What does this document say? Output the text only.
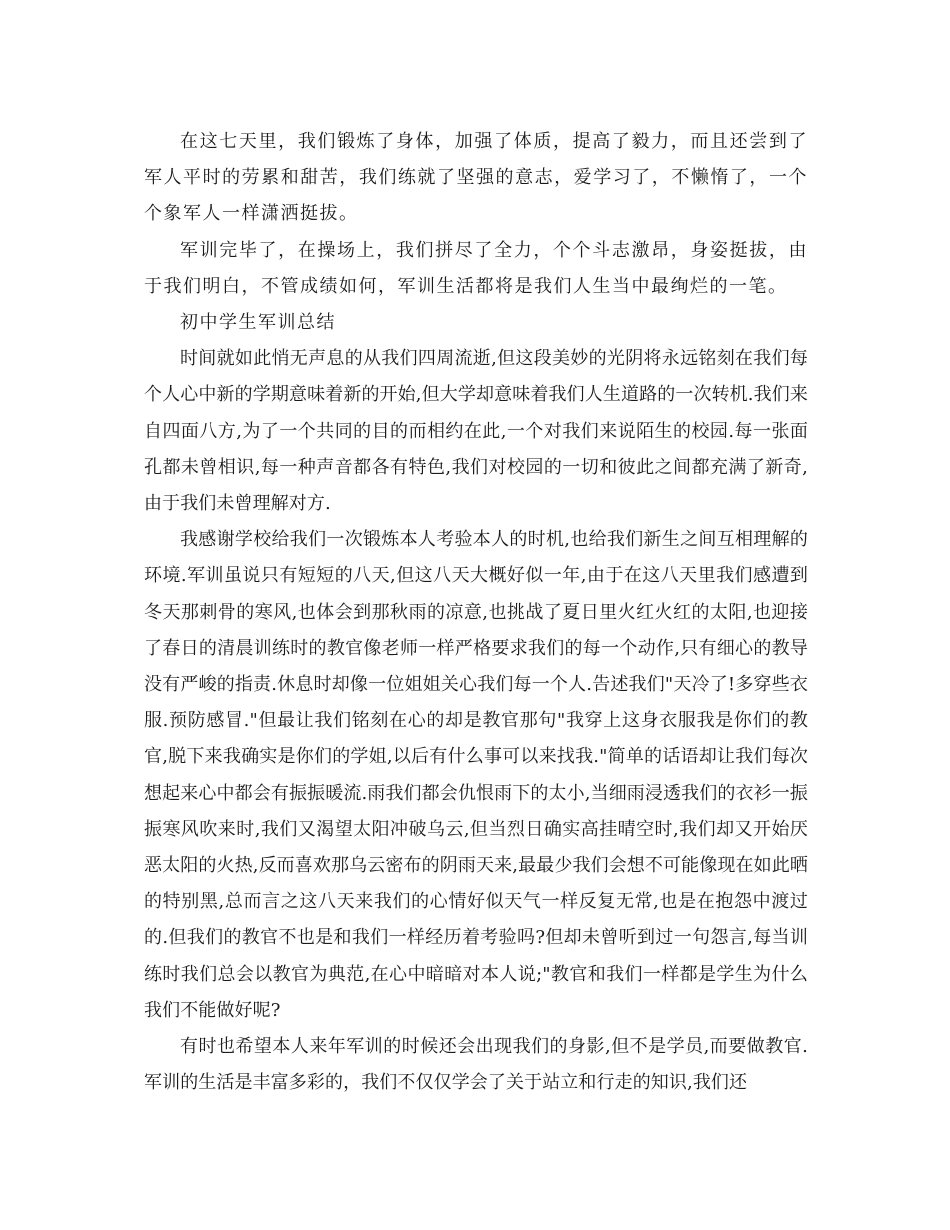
在这七天里，我们锻炼了身体，加强了体质，提高了毅力，而且还尝到了军人平时的劳累和甜苦，我们练就了坚强的意志，爱学习了，不懒惰了，一个个象军人一样潇洒挺拔。

军训完毕了，在操场上，我们拼尽了全力，个个斗志激昂，身姿挺拔，由于我们明白，不管成绩如何，军训生活都将是我们人生当中最绚烂的一笔。

初中学生军训总结

时间就如此悄无声息的从我们四周流逝,但这段美妙的光阴将永远铭刻在我们每个人心中新的学期意味着新的开始,但大学却意味着我们人生道路的一次转机.我们来自四面八方,为了一个共同的目的而相约在此,一个对我们来说陌生的校园.每一张面孔都未曾相识,每一种声音都各有特色,我们对校园的一切和彼此之间都充满了新奇,由于我们未曾理解对方.

我感谢学校给我们一次锻炼本人考验本人的时机,也给我们新生之间互相理解的环境.军训虽说只有短短的八天,但这八天大概好似一年,由于在这八天里我们感遭到冬天那刺骨的寒风,也体会到那秋雨的凉意,也挑战了夏日里火红火红的太阳,也迎接了春日的清晨训练时的教官像老师一样严格要求我们的每一个动作,只有细心的教导没有严峻的指责.休息时却像一位姐姐关心我们每一个人.告述我们"天冷了!多穿些衣服.预防感冒."但最让我们铭刻在心的却是教官那句"我穿上这身衣服我是你们的教官,脱下来我确实是你们的学姐,以后有什么事可以来找我."简单的话语却让我们每次想起来心中都会有振振暖流.雨我们都会仇恨雨下的太小,当细雨浸透我们的衣衫一振振寒风吹来时,我们又渴望太阳冲破乌云,但当烈日确实高挂晴空时,我们却又开始厌恶太阳的火热,反而喜欢那乌云密布的阴雨天来,最最少我们会想不可能像现在如此晒的特别黑,总而言之这八天来我们的心情好似天气一样反复无常,也是在抱怨中渡过的.但我们的教官不也是和我们一样经历着考验吗?但却未曾听到过一句怨言,每当训练时我们总会以教官为典范,在心中暗暗对本人说;"教官和我们一样都是学生为什么我们不能做好呢?

有时也希望本人来年军训的时候还会出现我们的身影,但不是学员,而要做教官.军训的生活是丰富多彩的，我们不仅仅学会了关于站立和行走的知识,我们还
